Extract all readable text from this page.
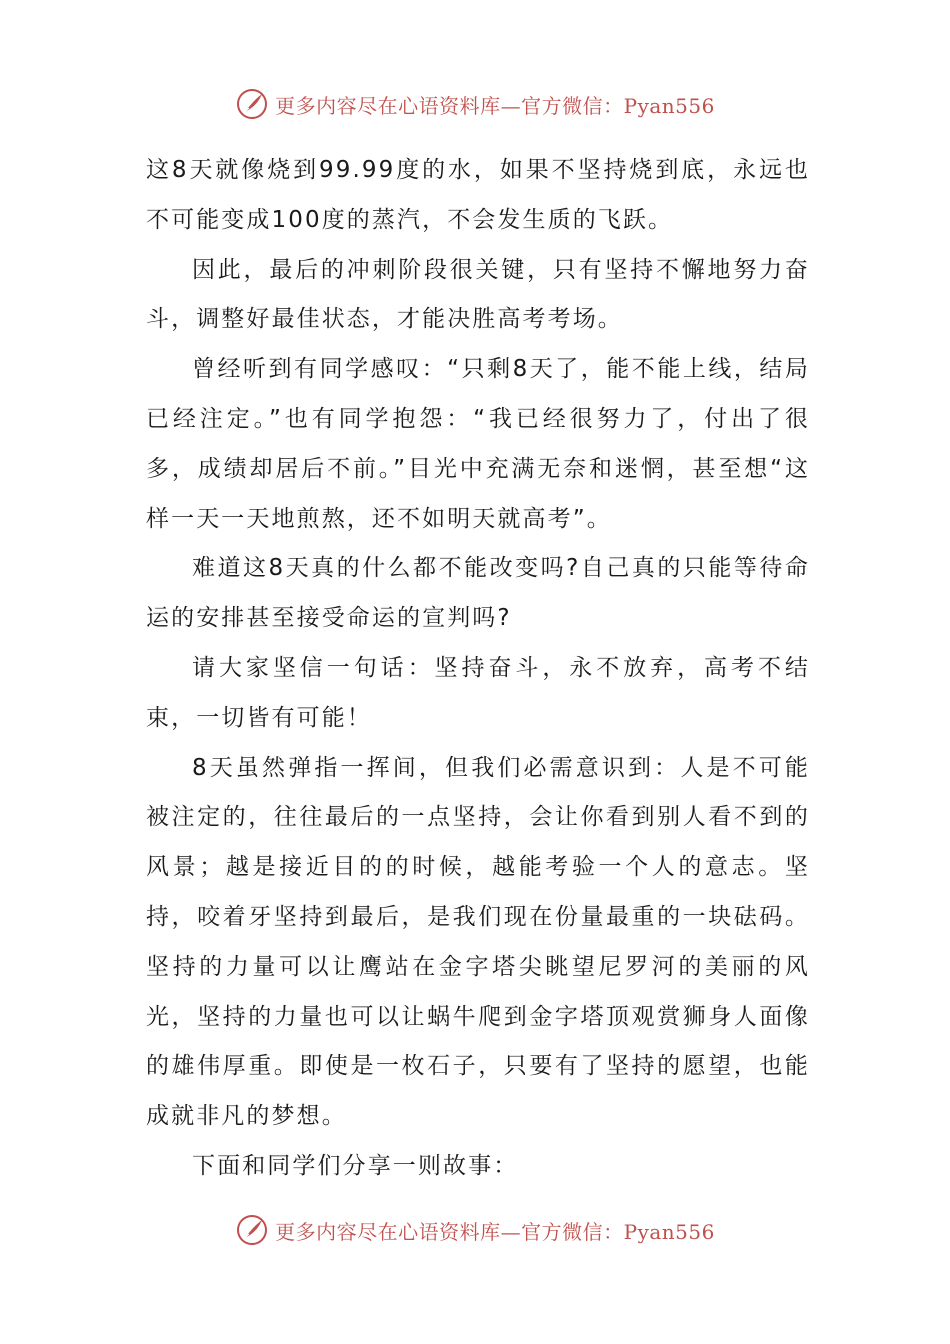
更多内容尽在心语资料库—官方微信：Pyan556

这8天就像烧到99.99度的水，如果不坚持烧到底，永远也不可能变成100度的蒸汽，不会发生质的飞跃。

因此，最后的冲刺阶段很关键，只有坚持不懈地努力奋斗，调整好最佳状态，才能决胜高考考场。

曾经听到有同学感叹：“只剩8天了，能不能上线，结局已经注定。”也有同学抱怨：“我已经很努力了，付出了很多，成绩却居后不前。”目光中充满无奈和迷惘，甚至想“这样一天一天地煎熬，还不如明天就高考”。

难道这8天真的什么都不能改变吗?自己真的只能等待命运的安排甚至接受命运的宣判吗?

请大家坚信一句话：坚持奋斗，永不放弃，高考不结束，一切皆有可能！

8天虽然弹指一挥间，但我们必需意识到：人是不可能被注定的，往往最后的一点坚持，会让你看到别人看不到的风景；越是接近目的的时候，越能考验一个人的意志。坚持，咬着牙坚持到最后，是我们现在份量最重的一块砝码。坚持的力量可以让鹰站在金字塔尖眺望尼罗河的美丽的风光，坚持的力量也可以让蜗牛爬到金字塔顶观赏狮身人面像的雄伟厚重。即使是一枚石子，只要有了坚持的愿望，也能成就非凡的梦想。

下面和同学们分享一则故事：

更多内容尽在心语资料库—官方微信：Pyan556
